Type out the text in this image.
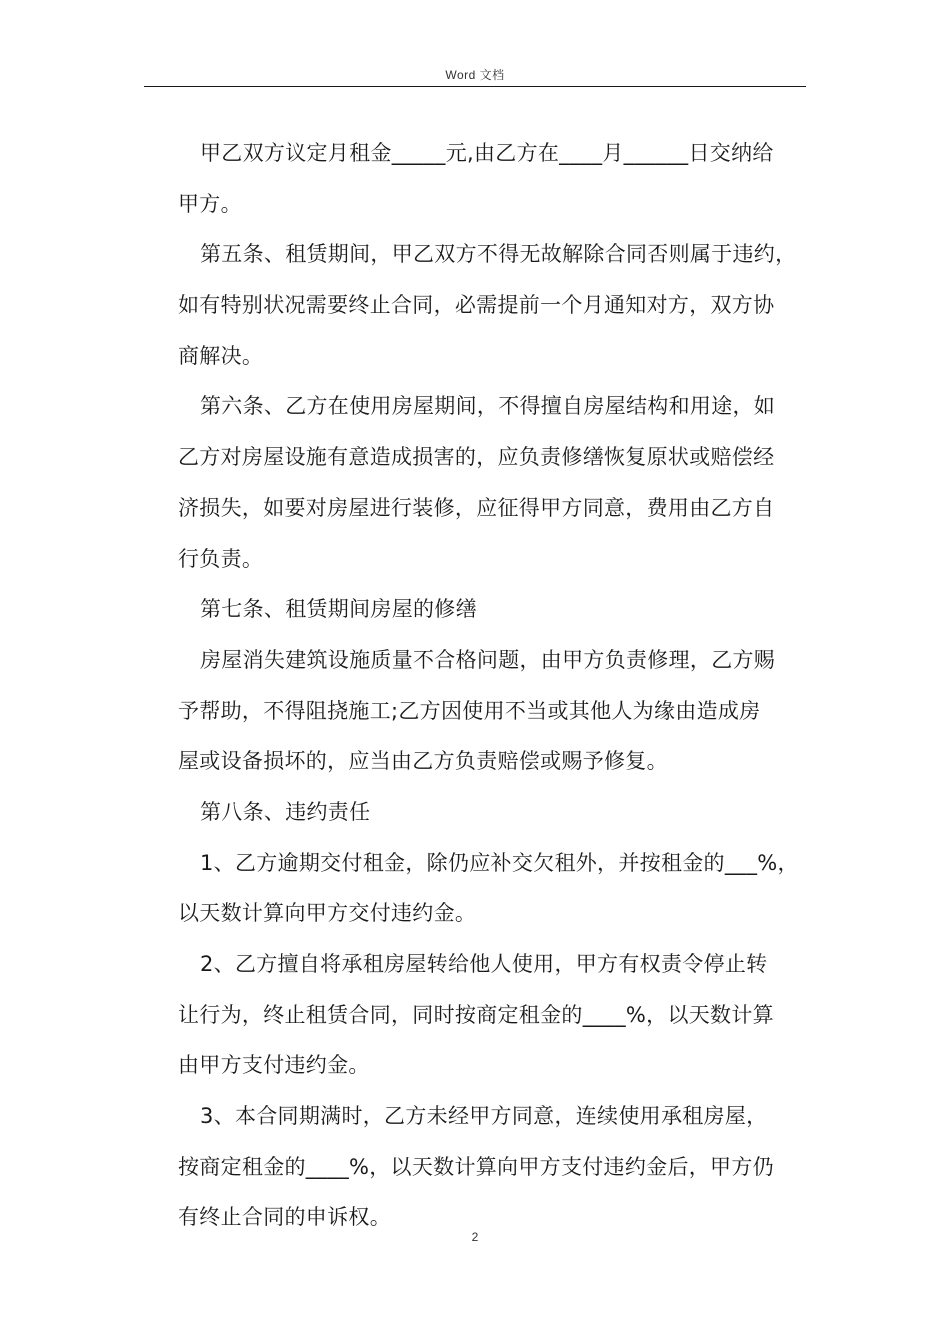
Word 文档
甲乙双方议定月租金_____元,由乙方在____月______日交纳给
甲方。
第五条、租赁期间，甲乙双方不得无故解除合同否则属于违约，
如有特别状况需要终止合同，必需提前一个月通知对方，双方协
商解决。
第六条、乙方在使用房屋期间，不得擅自房屋结构和用途，如
乙方对房屋设施有意造成损害的，应负责修缮恢复原状或赔偿经
济损失，如要对房屋进行装修，应征得甲方同意，费用由乙方自
行负责。
第七条、租赁期间房屋的修缮
房屋消失建筑设施质量不合格问题，由甲方负责修理，乙方赐
予帮助，不得阻挠施工;乙方因使用不当或其他人为缘由造成房
屋或设备损坏的，应当由乙方负责赔偿或赐予修复。
第八条、违约责任
1、乙方逾期交付租金，除仍应补交欠租外，并按租金的___%，
以天数计算向甲方交付违约金。
2、乙方擅自将承租房屋转给他人使用，甲方有权责令停止转
让行为，终止租赁合同，同时按商定租金的____%，以天数计算
由甲方支付违约金。
3、本合同期满时，乙方未经甲方同意，连续使用承租房屋，
按商定租金的____%，以天数计算向甲方支付违约金后，甲方仍
有终止合同的申诉权。
2
